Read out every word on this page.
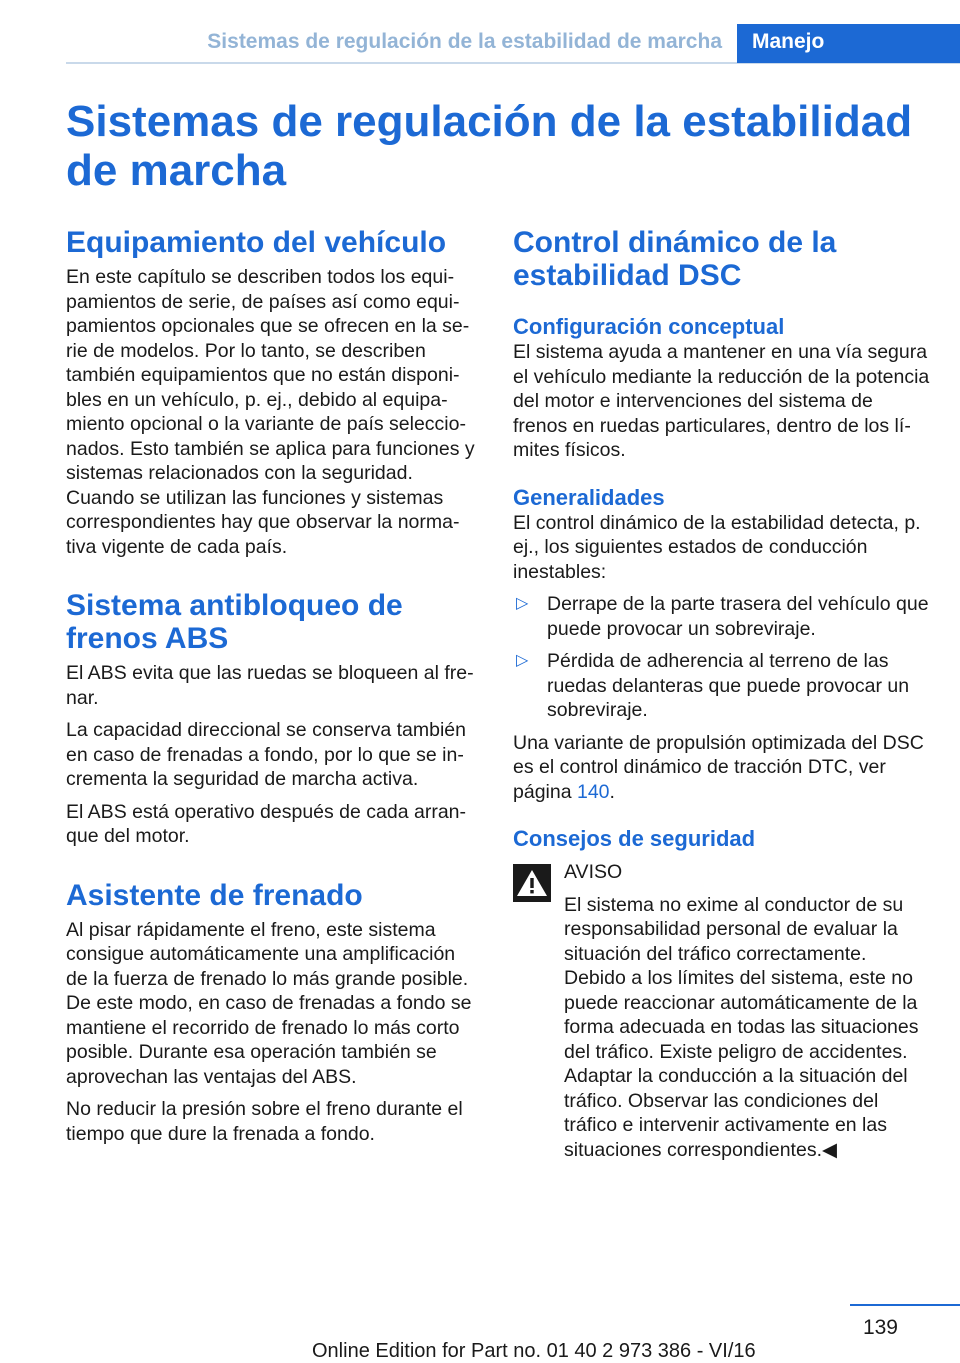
Sistemas de regulación de la estabilidad de marcha	Manejo
Sistemas de regulación de la estabilidad de marcha
Equipamiento del vehículo

En este capítulo se describen todos los equipamientos de serie, de países así como equipamientos opcionales que se ofrecen en la serie de modelos. Por lo tanto, se describen también equipamientos que no están disponibles en un vehículo, p. ej., debido al equipamiento opcional o la variante de país seleccionados. Esto también se aplica para funciones y sistemas relacionados con la seguridad. Cuando se utilizan las funciones y sistemas correspondientes hay que observar la normativa vigente de cada país.

Sistema antibloqueo de frenos ABS

El ABS evita que las ruedas se bloqueen al frenar.

La capacidad direccional se conserva también en caso de frenadas a fondo, por lo que se incrementa la seguridad de marcha activa.

El ABS está operativo después de cada arranque del motor.

Asistente de frenado

Al pisar rápidamente el freno, este sistema consigue automáticamente una amplificación de la fuerza de frenado lo más grande posible. De este modo, en caso de frenadas a fondo se mantiene el recorrido de frenado lo más corto posible. Durante esa operación también se aprovechan las ventajas del ABS.

No reducir la presión sobre el freno durante el tiempo que dure la frenada a fondo.

Control dinámico de la estabilidad DSC
Configuración conceptual

El sistema ayuda a mantener en una vía segura el vehículo mediante la reducción de la potencia del motor e intervenciones del sistema de frenos en ruedas particulares, dentro de los límites físicos.

Generalidades

El control dinámico de la estabilidad detecta, p. ej., los siguientes estados de conducción inestables:

▷ Derrape de la parte trasera del vehículo que puede provocar un sobreviraje.
▷ Pérdida de adherencia al terreno de las ruedas delanteras que puede provocar un sobreviraje.

Una variante de propulsión optimizada del DSC es el control dinámico de tracción DTC, ver página 140.

Consejos de seguridad
AVISO

El sistema no exime al conductor de su responsabilidad personal de evaluar la situación del tráfico correctamente. Debido a los límites del sistema, este no puede reaccionar automáticamente de la forma adecuada en todas las situaciones del tráfico. Existe peligro de accidentes. Adaptar la conducción a la situación del tráfico. Observar las condiciones del tráfico e intervenir activamente en las situaciones correspondientes.◀

139
Online Edition for Part no. 01 40 2 973 386 - VI/16
